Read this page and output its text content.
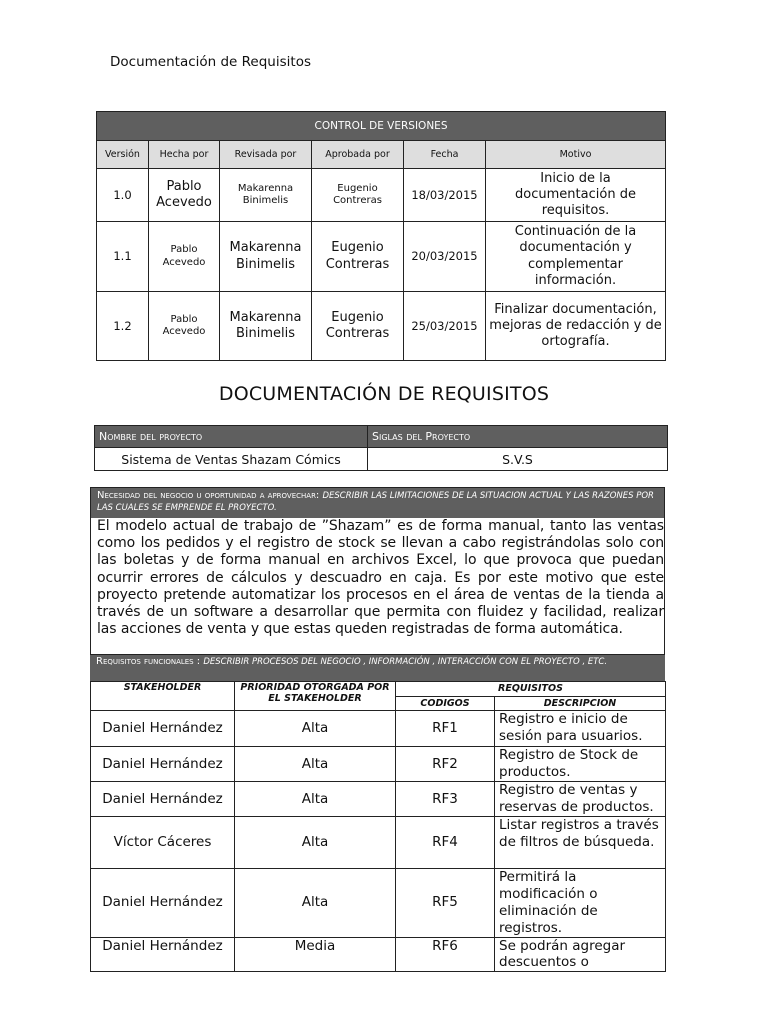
Documentación de Requisitos
CONTROL DE VERSIONES					
Versión	Hecha por	Revisada por	Aprobada por	Fecha	Motivo
1.0	Pablo Acevedo	Makarenna Binimelis	Eugenio Contreras	18/03/2015	Inicio de la documentación de requisitos.
1.1	Pablo Acevedo	Makarenna Binimelis	Eugenio Contreras	20/03/2015	Continuación de la documentación y complementar información.
1.2	Pablo Acevedo	Makarenna Binimelis	Eugenio Contreras	25/03/2015	Finalizar documentación, mejoras de redacción y de ortografía.
DOCUMENTACIÓN DE REQUISITOS
Nombre del proyecto	Siglas del Proyecto
Sistema de Ventas Shazam Cómics	S.V.S
Necesidad del negocio u oportunidad a aprovechar: DESCRIBIR LAS LIMITACIONES DE LA SITUACION ACTUAL Y LAS RAZONES POR LAS CUALES SE EMPRENDE EL PROYECTO.
El modelo actual de trabajo de ”Shazam” es de forma manual, tanto las ventas como los pedidos y el registro de stock se llevan a cabo registrándolas solo con las boletas y de forma manual en archivos Excel, lo que provoca que puedan ocurrir errores de cálculos y descuadro en caja. Es por este motivo que este proyecto pretende automatizar los procesos en el área de ventas de la tienda a través de un software a desarrollar que permita con fluidez y facilidad, realizar las acciones de venta y que estas queden registradas de forma automática.
Requisitos funcionales : DESCRIBIR PROCESOS DEL NEGOCIO , INFORMACIÓN , INTERACCIÓN CON EL PROYECTO , ETC.
STAKEHOLDER	PRIORIDAD OTORGADA POR EL STAKEHOLDER	REQUISITOS	
		CODIGOS	DESCRIPCION
Daniel Hernández	Alta	RF1	Registro e inicio de sesión para usuarios.
Daniel Hernández	Alta	RF2	Registro de Stock de productos.
Daniel Hernández	Alta	RF3	Registro de ventas y reservas de productos.
Víctor Cáceres	Alta	RF4	Listar registros a través de filtros de búsqueda.
Daniel Hernández	Alta	RF5	Permitirá la modificación o eliminación de registros.
Daniel Hernández	Media	RF6	Se podrán agregar descuentos o
